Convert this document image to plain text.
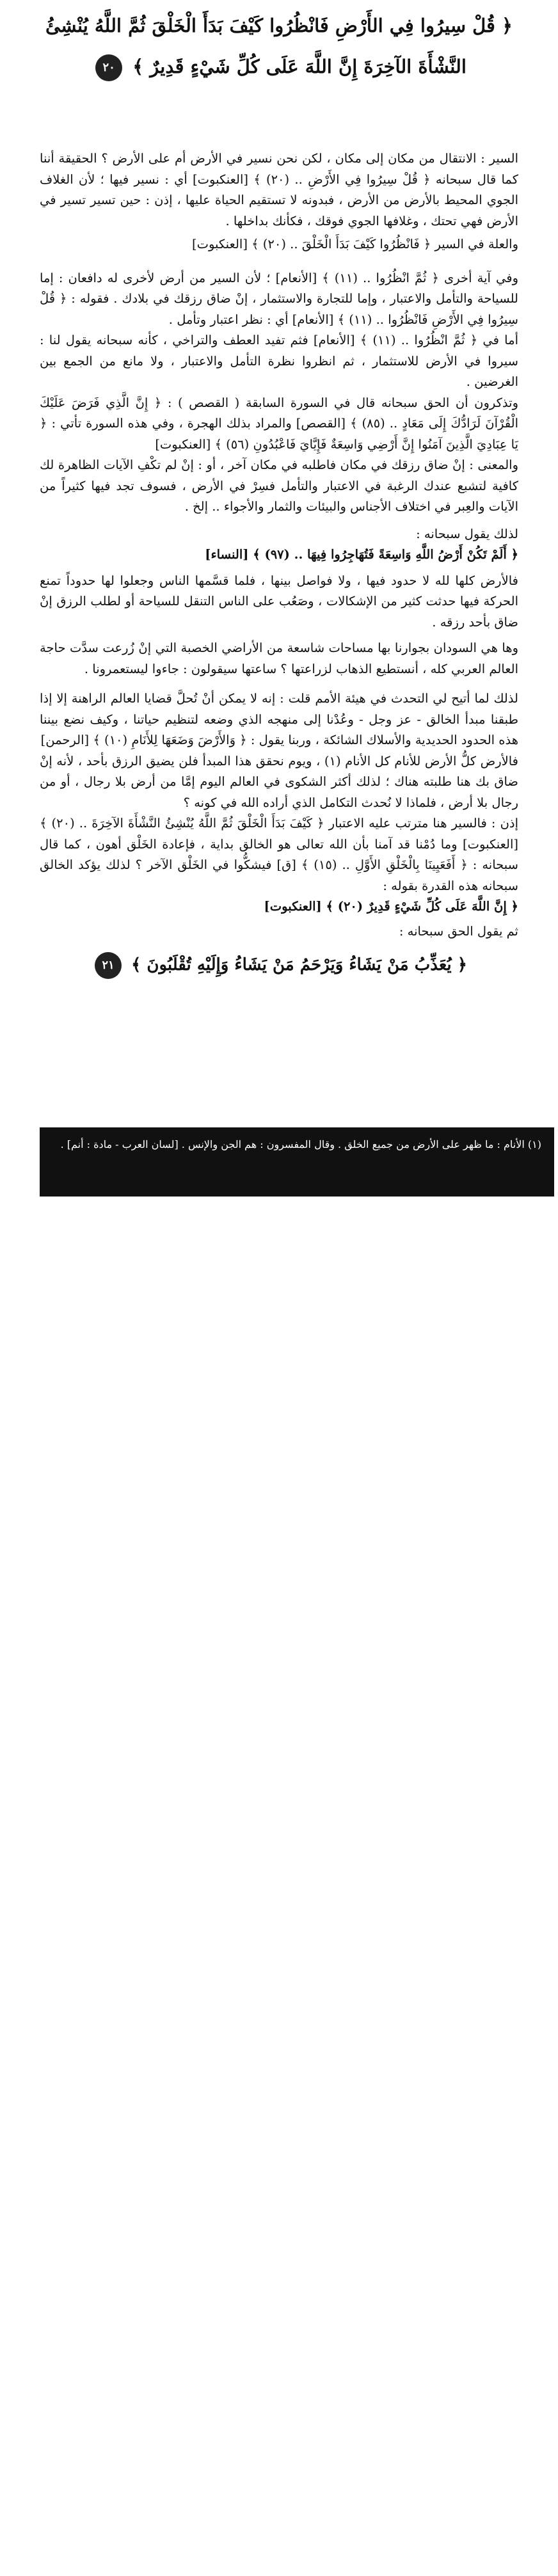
﴿ قُلْ سِيرُوا فِي الأَرْضِ فَانْظُرُوا كَيْفَ بَدَأَ الْخَلْقَ ثُمَّ اللَّهُ يُنْشِئُ النَّشْأَةَ الآخِرَةَ إِنَّ اللَّهَ عَلَى كُلِّ شَيْءٍ قَدِيرٌ ﴾ ٢٠

السير : الانتقال من مكان إلى مكان ، لكن نحن نسير في الأرض أم على الأرض ؟ الحقيقة أننا كما قال سبحانه ﴿ قُلْ سِيرُوا فِي الأَرْضِ .. (٢٠) ﴾ [العنكبوت] أي : نسير فيها ؛ لأن الغلاف الجوي المحيط بالأرض من الأرض ، فبدونه لا تستقيم الحياة عليها ، إذن : حين تسير تسير في الأرض فهي تحتك ، وغلافها الجوي فوقك ، فكأنك بداخلها .

والعلة في السير ﴿ فَانْظُرُوا كَيْفَ بَدَأَ الْخَلْقَ .. (٢٠) ﴾ [العنكبوت]

وفي آية أخرى ﴿ ثُمَّ انْظُرُوا .. (١١) ﴾ [الأنعام] ؛ لأن السير من أرض لأخرى له دافعان : إما للسياحة والتأمل والاعتبار ، وإما للتجارة والاستثمار ، إنْ ضاق رزقك في بلادك . فقوله : ﴿ قُلْ سِيرُوا فِي الأَرْضِ فَانْظُرُوا .. (١١) ﴾ [الأنعام] أي : نظر اعتبار وتأمل .

أما في ﴿ ثُمَّ انْظُرُوا .. (١١) ﴾ [الأنعام] فثم تفيد العطف والتراخي ، كأنه سبحانه يقول لنا : سيروا في الأرض للاستثمار ، ثم انظروا نظرة التأمل والاعتبار ، ولا مانع من الجمع بين الغرضين .

وتذكرون أن الحق سبحانه قال في السورة السابقة ( القصص ) : ﴿ إِنَّ الَّذِي فَرَضَ عَلَيْكَ الْقُرْآنَ لَرَادُّكَ إِلَى مَعَادٍ .. (٨٥) ﴾ [القصص] والمراد بذلك الهجرة ، وفي هذه السورة تأتي : ﴿ يَا عِبَادِيَ الَّذِينَ آمَنُوا إِنَّ أَرْضِي وَاسِعَةٌ فَإِيَّايَ فَاعْبُدُونِ (٥٦) ﴾ [العنكبوت]

والمعنى : إنْ ضاق رزقك في مكان فاطلبه في مكان آخر ، أو : إنْ لم تكْفِ الآيات الظاهرة لك كافية لتشبع عندك الرغبة في الاعتبار والتأمل فسِرْ في الأرض ، فسوف تجد فيها كثيراً من الآيات والعِبر في اختلاف الأجناس والبيئات والثمار والأجواء .. إلخ .

لذلك يقول سبحانه :

﴿ أَلَمْ تَكُنْ أَرْضُ اللَّهِ وَاسِعَةً فَتُهَاجِرُوا فِيهَا .. (٩٧) ﴾ [النساء]

فالأرض كلها لله لا حدود فيها ، ولا فواصل بينها ، فلما قسَّمها الناس وجعلوا لها حدوداً تمنع الحركة فيها حدثت كثير من الإشكالات ، وصَعُب على الناس التنقل للسياحة أو لطلب الرزق إنْ ضاق بأحد رزقه .

وها هي السودان بجوارنا بها مساحات شاسعة من الأراضي الخصبة التي إنْ زُرعت سدَّت حاجة العالم العربي كله ، أنستطيع الذهاب لزراعتها ؟ ساعتها سيقولون : جاءوا ليستعمرونا .

لذلك لما أتيح لي التحدث في هيئة الأمم قلت : إنه لا يمكن أنْ تُحلَّ قضايا العالم الراهنة إلا إذا طبقنا مبدأ الخالق - عز وجل - وعُدْنا إلى منهجه الذي وضعه لتنظيم حياتنا ، وكيف نضع بيننا هذه الحدود الحديدية والأسلاك الشائكة ، وربنا يقول : ﴿ وَالأَرْضَ وَضَعَهَا لِلأَنَامِ (١٠) ﴾ [الرحمن]

فالأرض كلُّ الأرض للأنام كل الأنام (١) ، ويوم نحقق هذا المبدأ فلن يضيق الرزق بأحد ، لأنه إنْ ضاق بك هنا طلبته هناك ؛ لذلك أكثر الشكوى في العالم اليوم إمَّا من أرض بلا رجال ، أو من رجال بلا أرض ، فلماذا لا نُحدث التكامل الذي أراده الله في كونه ؟

إذن : فالسير هنا مترتب عليه الاعتبار ﴿ كَيْفَ بَدَأَ الْخَلْقَ ثُمَّ اللَّهُ يُنْشِئُ النَّشْأَةَ الآخِرَةَ .. (٢٠) ﴾ [العنكبوت] وما دُمْنا قد آمنا بأن الله تعالى هو الخالق بداية ، فإعادة الخَلْق أهون ، كما قال سبحانه : ﴿ أَفَعَيِينَا بِالْخَلْقِ الأَوَّلِ .. (١٥) ﴾ [ق] فيشكُّوا في الخَلْق الآخر ؟ لذلك يؤكد الخالق سبحانه هذه القدرة بقوله :

﴿ إِنَّ اللَّهَ عَلَى كُلِّ شَيْءٍ قَدِيرٌ (٢٠) ﴾ [العنكبوت]

ثم يقول الحق سبحانه :

﴿ يُعَذِّبُ مَنْ يَشَاءُ وَيَرْحَمُ مَنْ يَشَاءُ وَإِلَيْهِ تُقْلَبُونَ ﴾ ٢١
(١) الأنام : ما ظهر على الأرض من جميع الخلق . وقال المفسرون : هم الجن والإنس . [لسان العرب - مادة : أنم] .
